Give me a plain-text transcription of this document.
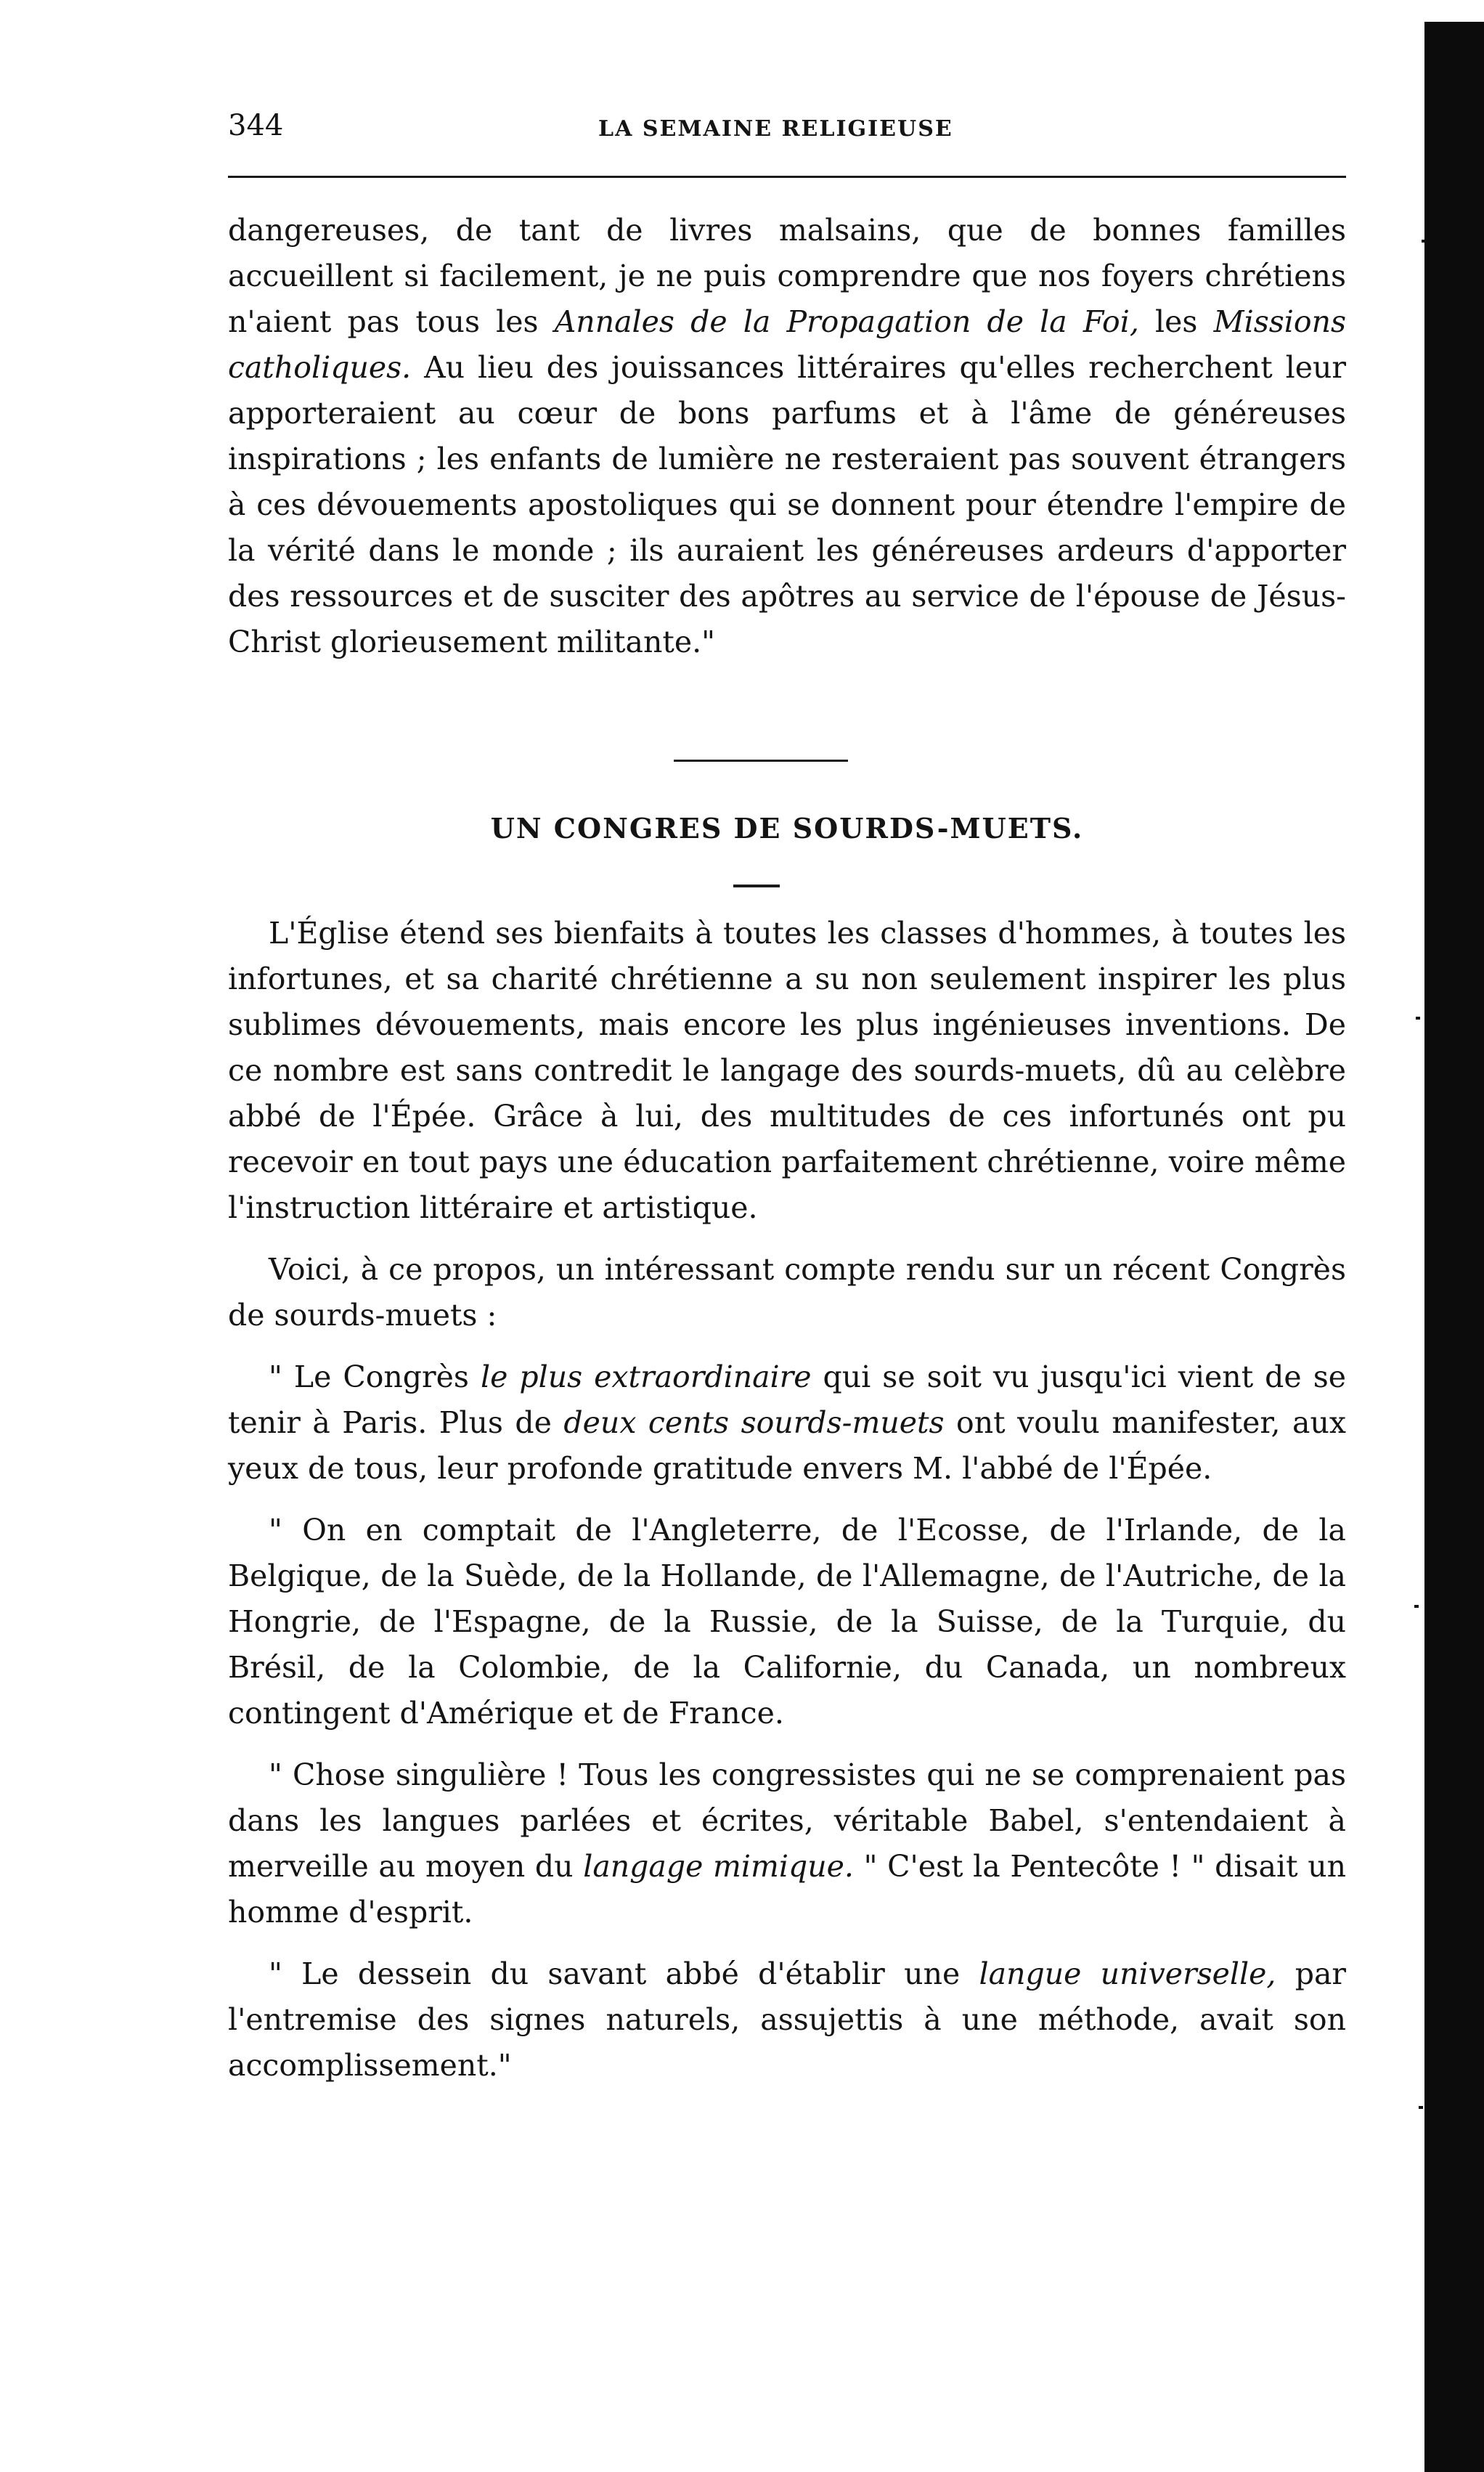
344	LA SEMAINE RELIGIEUSE

dangereuses, de tant de livres malsains, que de bonnes familles accueillent si facilement, je ne puis comprendre que nos foyers chrétiens n'aient pas tous les Annales de la Propagation de la Foi, les Missions catholiques. Au lieu des jouissances littéraires qu'elles recherchent leur apporteraient au cœur de bons parfums et à l'âme de généreuses inspirations ; les enfants de lumière ne resteraient pas souvent étrangers à ces dévouements apostoliques qui se donnent pour étendre l'empire de la vérité dans le monde ; ils auraient les généreuses ardeurs d'apporter des ressources et de susciter des apôtres au service de l'épouse de Jésus-Christ glorieusement militante."

UN CONGRES DE SOURDS-MUETS.

L'Église étend ses bienfaits à toutes les classes d'hommes, à toutes les infortunes, et sa charité chrétienne a su non seulement inspirer les plus sublimes dévouements, mais encore les plus ingénieuses inventions. De ce nombre est sans contredit le langage des sourds-muets, dû au celèbre abbé de l'Épée. Grâce à lui, des multitudes de ces infortunés ont pu recevoir en tout pays une éducation parfaitement chrétienne, voire même l'instruction littéraire et artistique.

Voici, à ce propos, un intéressant compte rendu sur un récent Congrès de sourds-muets :

" Le Congrès le plus extraordinaire qui se soit vu jusqu'ici vient de se tenir à Paris. Plus de deux cents sourds-muets ont voulu manifester, aux yeux de tous, leur profonde gratitude envers M. l'abbé de l'Épée.

" On en comptait de l'Angleterre, de l'Ecosse, de l'Irlande, de la Belgique, de la Suède, de la Hollande, de l'Allemagne, de l'Autriche, de la Hongrie, de l'Espagne, de la Russie, de la Suisse, de la Turquie, du Brésil, de la Colombie, de la Californie, du Canada, un nombreux contingent d'Amérique et de France.

" Chose singulière ! Tous les congressistes qui ne se comprenaient pas dans les langues parlées et écrites, véritable Babel, s'entendaient à merveille au moyen du langage mimique. " C'est la Pentecôte ! " disait un homme d'esprit.

" Le dessein du savant abbé d'établir une langue universelle, par l'entremise des signes naturels, assujettis à une méthode, avait son accomplissement."
